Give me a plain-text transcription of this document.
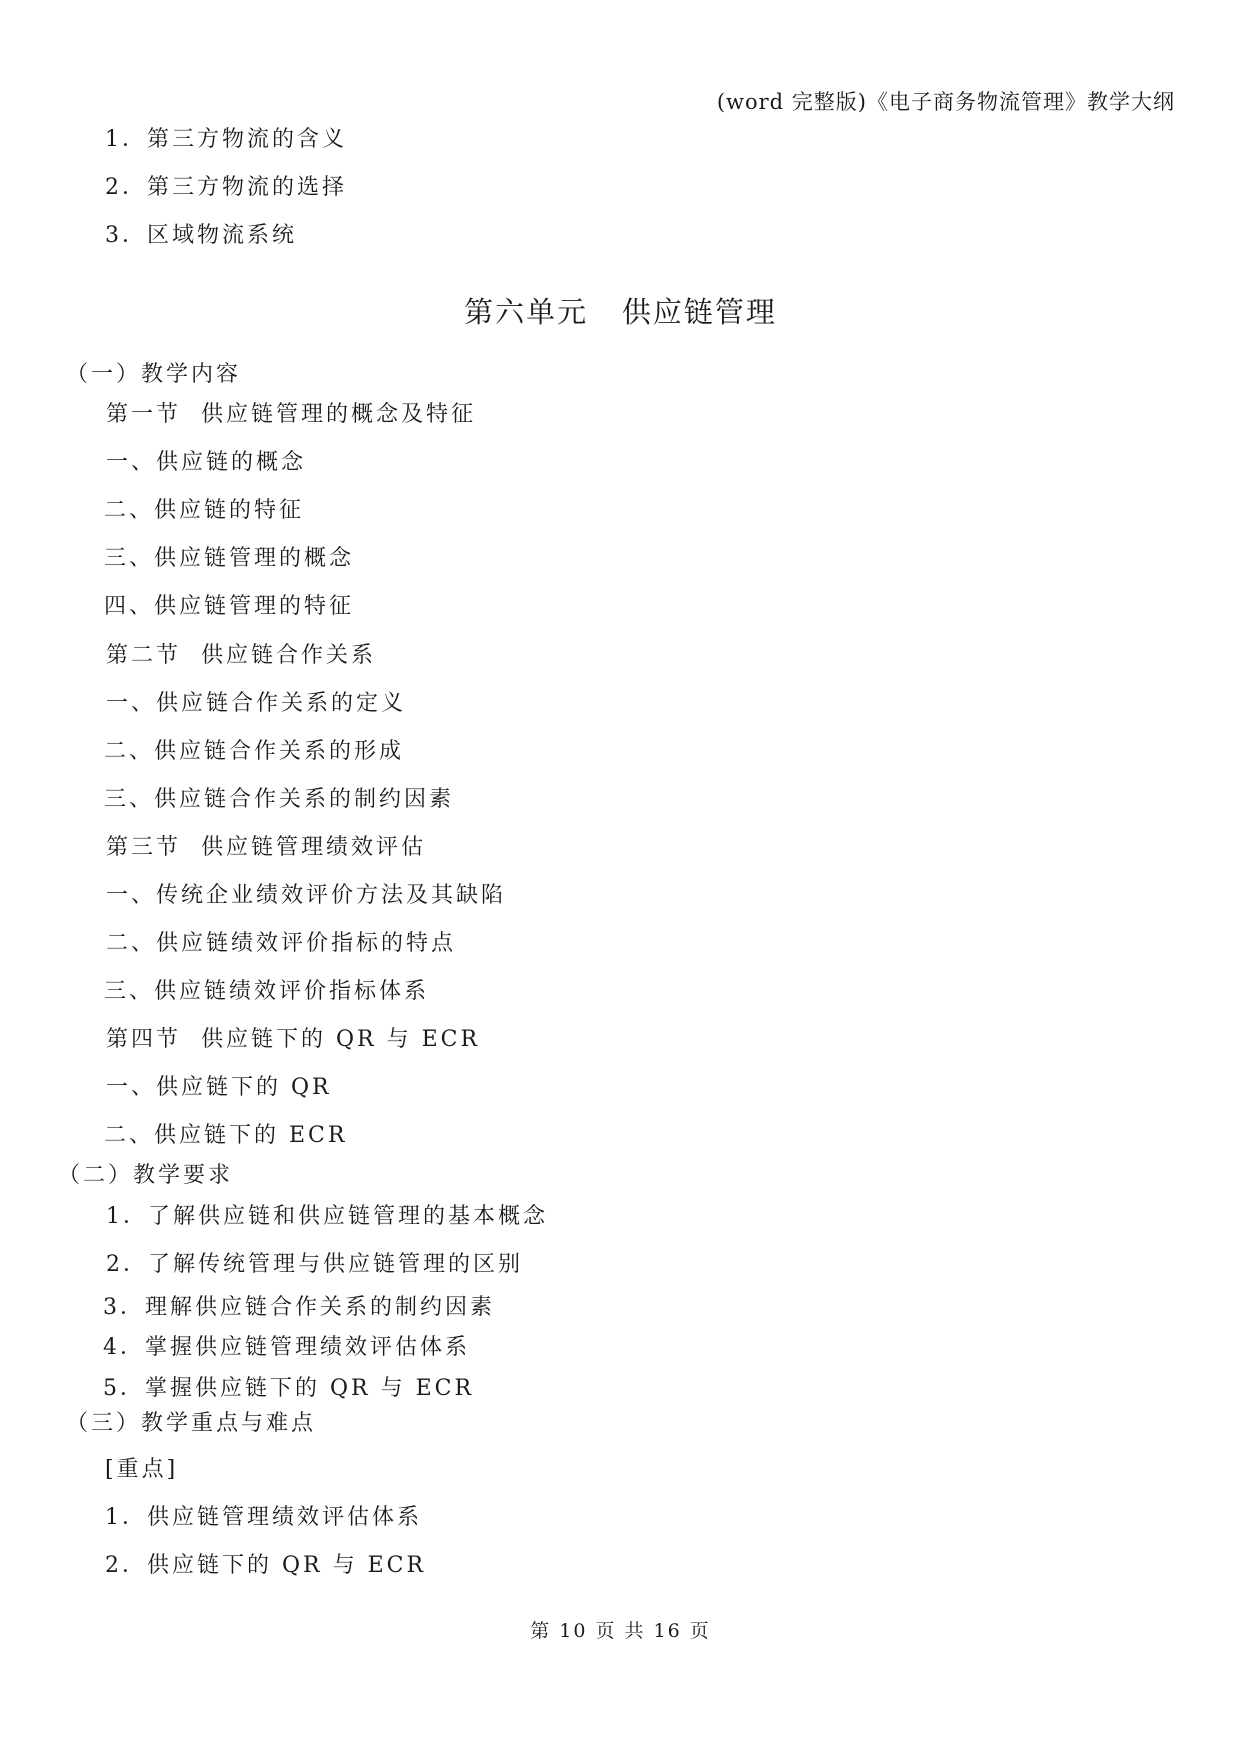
(word 完整版)《电子商务物流管理》教学大纲
1．第三方物流的含义
2．第三方物流的选择
3．区域物流系统
第六单元   供应链管理
（一）教学内容
第一节  供应链管理的概念及特征
一、供应链的概念
二、供应链的特征
三、供应链管理的概念
四、供应链管理的特征
第二节  供应链合作关系
一、供应链合作关系的定义
二、供应链合作关系的形成
三、供应链合作关系的制约因素
第三节  供应链管理绩效评估
一、传统企业绩效评价方法及其缺陷
二、供应链绩效评价指标的特点
三、供应链绩效评价指标体系
第四节  供应链下的 QR 与 ECR
一、供应链下的 QR
二、供应链下的 ECR
（二）教学要求
1．了解供应链和供应链管理的基本概念
2．了解传统管理与供应链管理的区别
3．理解供应链合作关系的制约因素
4．掌握供应链管理绩效评估体系
5．掌握供应链下的 QR 与 ECR
（三）教学重点与难点
[重点]
1．供应链管理绩效评估体系
2．供应链下的 QR 与 ECR
第 10 页 共 16 页
